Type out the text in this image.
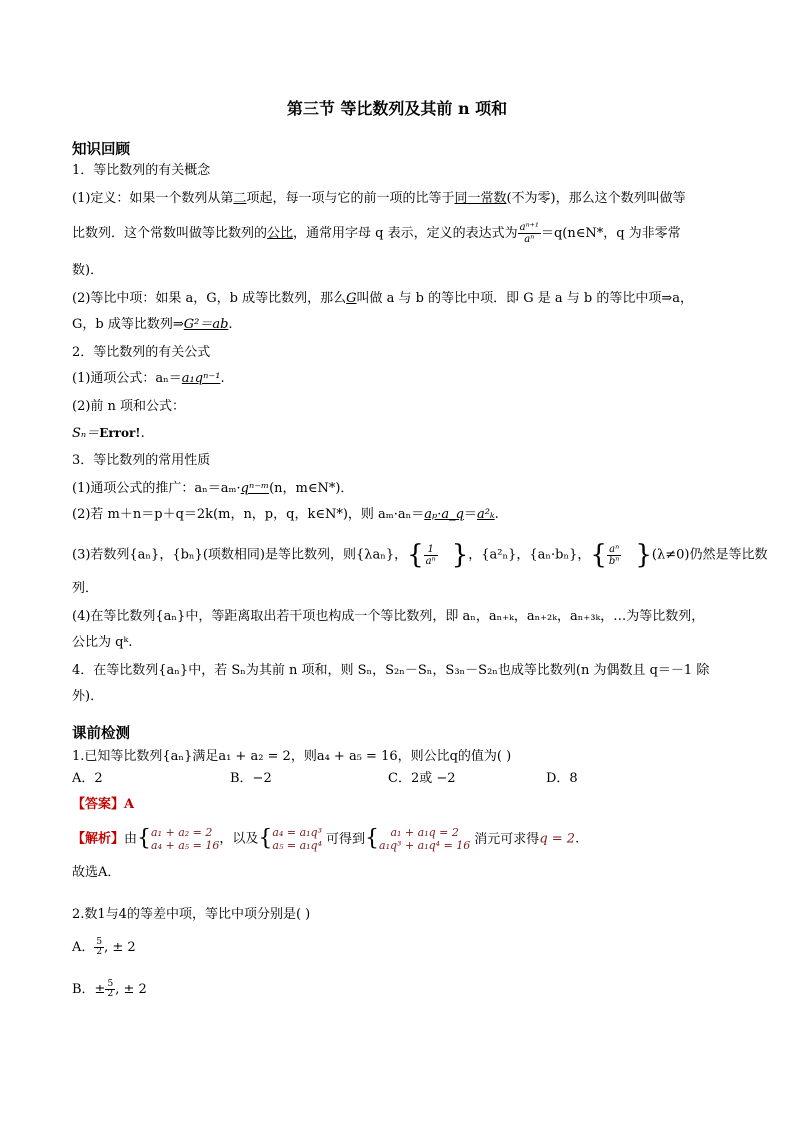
第三节 等比数列及其前 n 项和
知识回顾
1．等比数列的有关概念
(1)定义：如果一个数列从第二项起，每一项与它的前一项的比等于同一常数(不为零)，那么这个数列叫做等
比数列．这个常数叫做等比数列的公比，通常用字母 q 表示，定义的表达式为 $\frac{\text{aⁿ⁺¹}}{\text{aⁿ}}$ ＝q(n∈N*，q 为非零常
数)．
(2)等比中项：如果 a，G，b 成等比数列，那么G叫做 a 与 b 的等比中项．即 G 是 a 与 b 的等比中项⇒a，
G，b 成等比数列⇒G²＝ab.
2．等比数列的有关公式
(1)通项公式：aₙ＝a₁qⁿ⁻¹.
(2)前 n 项和公式：
Sₙ＝Error!.
3．等比数列的常用性质
(1)通项公式的推广：aₙ＝aₘ·qⁿ⁻ᵐ(n，m∈N*)．
(2)若 m＋n＝p＋q＝2k(m，n，p，q，k∈N*)，则 aₘ·aₙ＝aₚ·a_q＝a²ₖ.
(3)若数列{aₙ}，{bₙ}(项数相同)是等比数列，则{λaₙ}，{ $\frac{1}{\text{aⁿ}}$ }，{a²ₙ}，{aₙ·bₙ}，{ $\frac{\text{aⁿ}}{\text{bⁿ}} \}(\lambda\ne 0)$仍然是等比数
列．
(4)在等比数列{aₙ}中，等距离取出若干项也构成一个等比数列，即 aₙ，aₙ₊ₖ，aₙ₊₂ₖ，aₙ₊₃ₖ，…为等比数列，
公比为 qᵏ.
4．在等比数列{aₙ}中，若 Sₙ为其前 n 项和，则 Sₙ，S₂ₙ－Sₙ，S₃ₙ－S₂ₙ也成等比数列(n 为偶数且 q＝－1 除
外)．
课前检测
1.已知等比数列{aₙ}满足a₁ + a₂ = 2，则a₄ + a₅ = 16，则公比q的值为( )
A．2	B．−2	C．2或 −2	D．8
【答案】A
【解析】由{ a₁ + a₂ = 2
a₄ + a₅ = 16 ，以及{ a₄ = a₁q³
a₅ = a₁q⁴ 可得到{	a₁ + a₁q = 2
a₁q³ + a₁q⁴ = 16 消元可求得q = 2.
故选A．
2.数1与4的等差中项，等比中项分别是( )
A． $\frac{5}{2}$ , ± 2
B．± $\frac{5}{2}$ , ± 2
